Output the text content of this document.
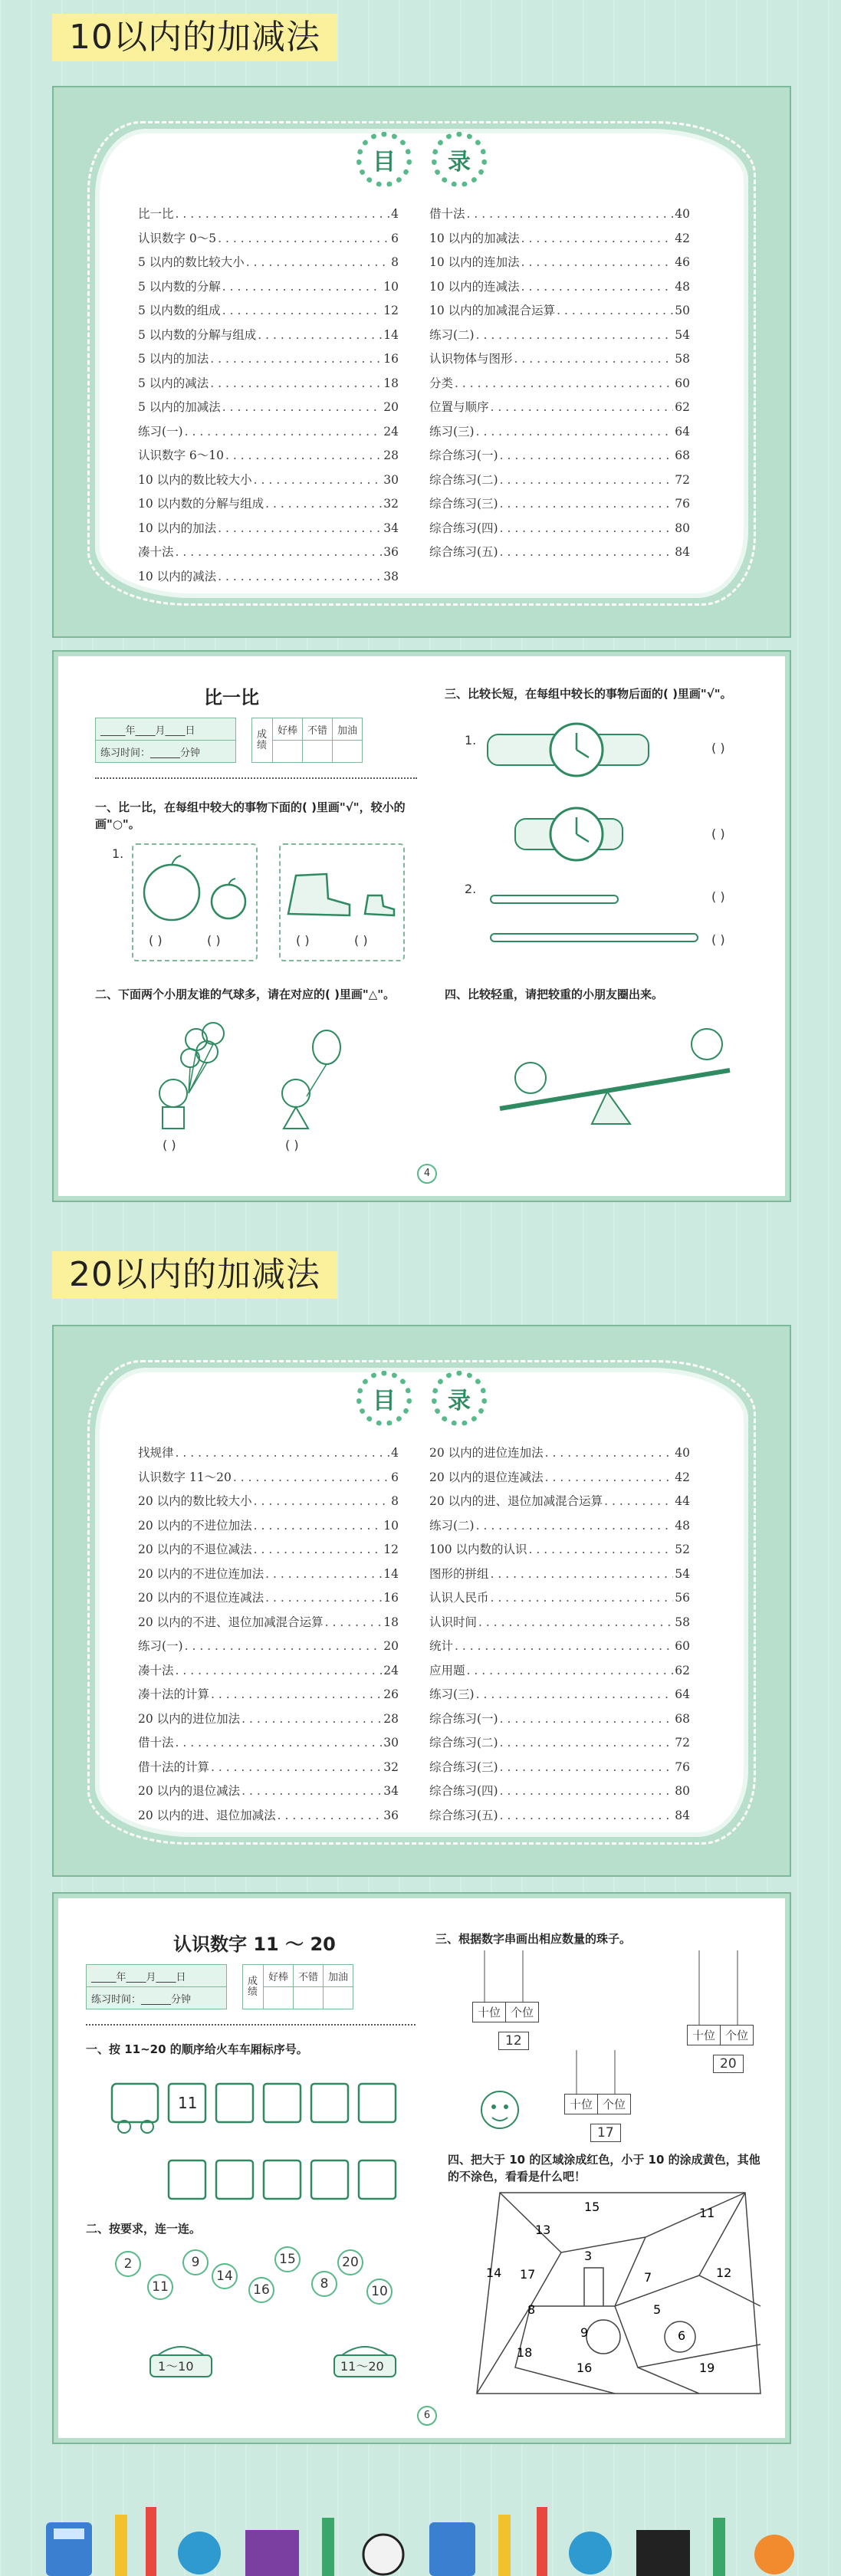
10以内的加减法
目	录
比一比 . . .	4
认识数字 0～5 . . .	6
5 以内的数比较大小 . . .	8
5 以内数的分解 . . .	10
5 以内数的组成 . . .	12
5 以内数的分解与组成 . . .	14
5 以内的加法 . . .	16
5 以内的减法 . . .	18
5 以内的加减法 . . .	20
练习(一) . . .	24
认识数字 6～10 . . .	28
10 以内的数比较大小 . . .	30
10 以内数的分解与组成 . . .	32
10 以内的加法 . . .	34
凑十法 . . .	36
10 以内的减法 . . .	38
借十法 . . .	40
10 以内的加减法 . . .	42
10 以内的连加法 . . .	46
10 以内的连减法 . . .	48
10 以内的加减混合运算 . . .	50
练习(二) . . .	54
认识物体与图形 . . .	58
分类 . . .	60
位置与顺序 . . .	62
练习(三) . . .	64
综合练习(一) . . .	68
综合练习(二) . . .	72
综合练习(三) . . .	76
综合练习(四) . . .	80
综合练习(五) . . .	84
比一比
_____年____月____日		成绩	好棒	不错	加油
练习时间：______分钟					
一、比一比，在每组中较大的事物下面的( )里画"√"，较小的画"○"。
1.
( )	( )	( )	( )
二、下面两个小朋友谁的气球多，请在对应的( )里画"△"。
( )	( )
三、比较长短，在每组中较长的事物后面的( )里画"√"。
1.
( )
( )
2.
( )
( )
四、比较轻重，请把较重的小朋友圈出来。
4
20以内的加减法
目	录
找规律 . . .	4
认识数字 11～20 . . .	6
20 以内的数比较大小 . . .	8
20 以内的不进位加法 . . .	10
20 以内的不退位减法 . . .	12
20 以内的不进位连加法 . . .	14
20 以内的不退位连减法 . . .	16
20 以内的不进、退位加减混合运算 . . .	18
练习(一) . . .	20
凑十法 . . .	24
凑十法的计算 . . .	26
20 以内的进位加法 . . .	28
借十法 . . .	30
借十法的计算 . . .	32
20 以内的退位减法 . . .	34
20 以内的进、退位加减法 . . .	36
20 以内的进位连加法 . . .	40
20 以内的退位连减法 . . .	42
20 以内的进、退位加减混合运算 . . .	44
练习(二) . . .	48
100 以内数的认识 . . .	52
图形的拼组 . . .	54
认识人民币 . . .	56
认识时间 . . .	58
统计 . . .	60
应用题 . . .	62
练习(三) . . .	64
综合练习(一) . . .	68
综合练习(二) . . .	72
综合练习(三) . . .	76
综合练习(四) . . .	80
综合练习(五) . . .	84
认识数字 11 ～ 20
_____年____月____日		成绩	好棒	不错	加油
练习时间：______分钟					
一、按 11~20 的顺序给火车车厢标序号。
11
二、按要求，连一连。
2	9	15	20
11
14
16	8	10
1～10	11～20
三、根据数字串画出相应数量的珠子。
十位 个位
12	十位 个位
20
十位 个位
17
四、把大于 10 的区域涂成红色，小于 10 的涂成黄色，其他的不涂色，看看是什么吧！
15	11
13
14 17
3
7	12
8
9
5
6
18
16	19
6
